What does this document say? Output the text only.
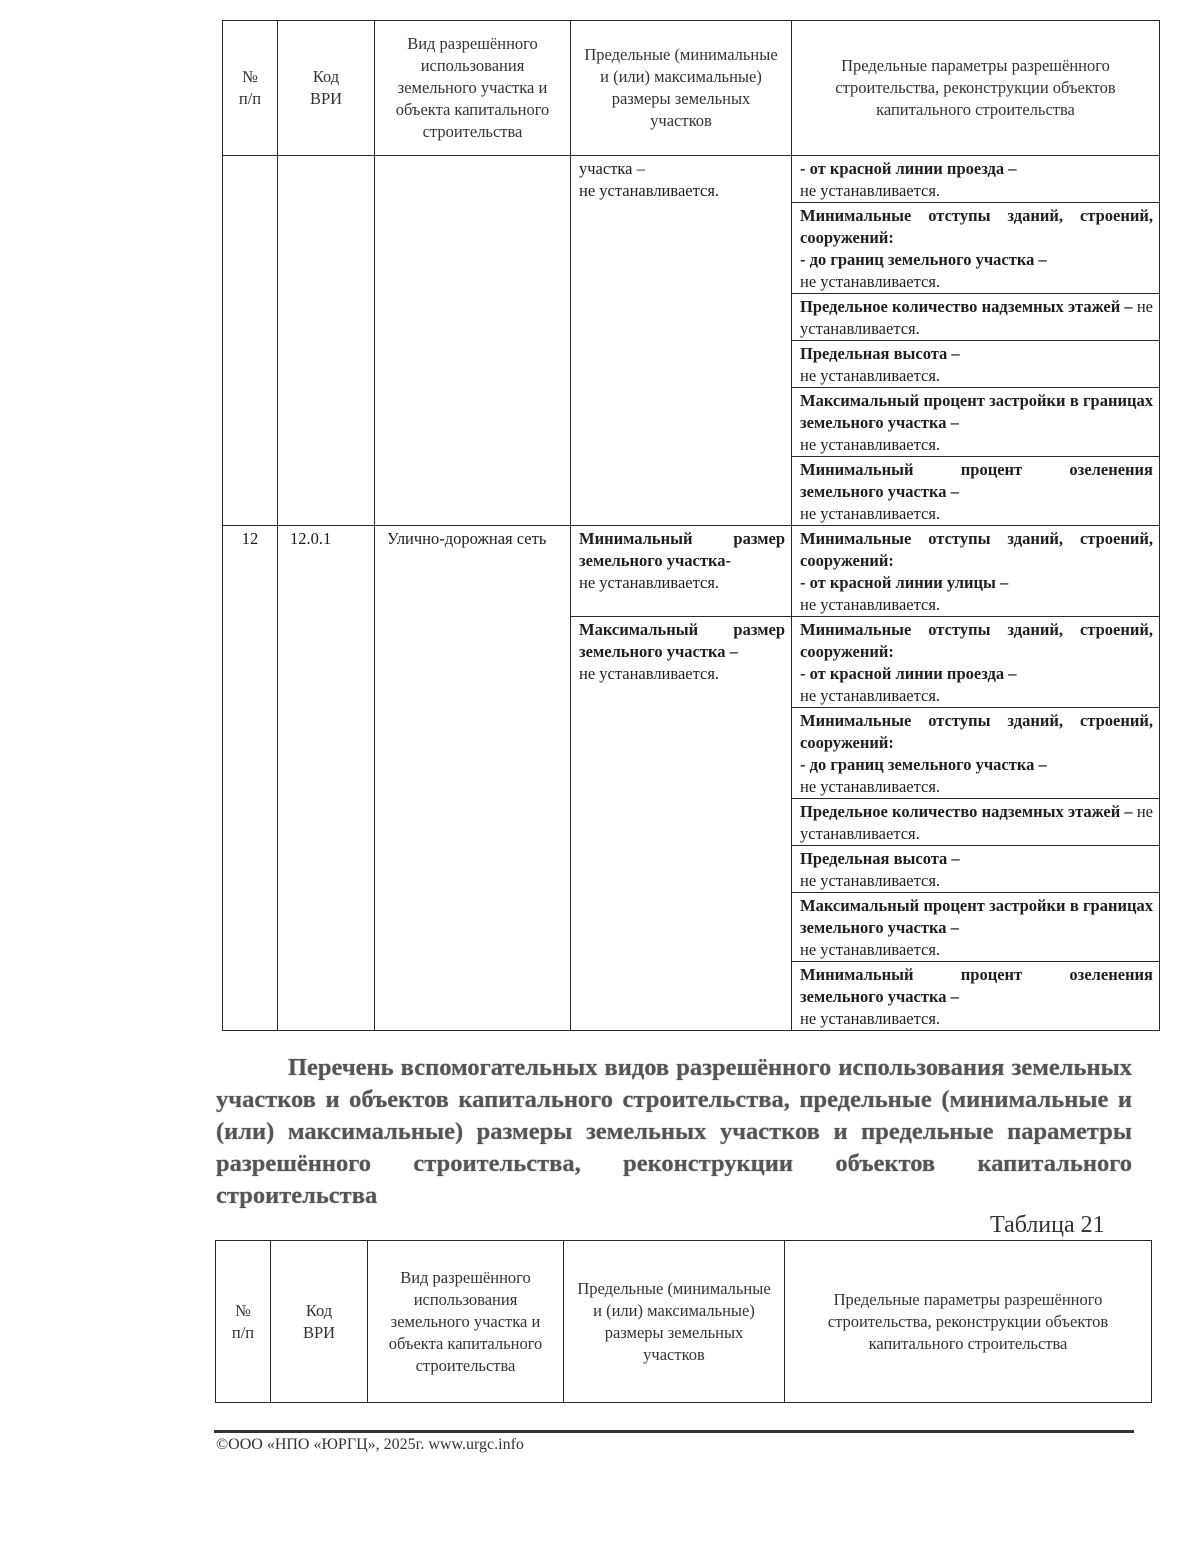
№
п/п	Код
ВРИ	Вид разрешённого использования земельного участка и объекта капитального строительства	Предельные (минимальные и (или) максимальные) размеры земельных участков	Предельные параметры разрешённого строительства, реконструкции объектов капитального строительства

			участка –
не устанавливается.	- от красной линии проезда –
не устанавливается.

				Минимальные отступы зданий, строений, сооружений:
- до границ земельного участка –
не устанавливается.

				Предельное количество надземных этажей – не устанавливается.

				Предельная высота –
не устанавливается.

				Максимальный процент застройки в границах земельного участка –
не устанавливается.

				Минимальный процент озеленения земельного участка –
не устанавливается.

12	12.0.1	Улично-дорожная сеть	Минимальный размер земельного участка-
не устанавливается.	Минимальные отступы зданий, строений, сооружений:
- от красной линии улицы –
не устанавливается.

			Максимальный размер земельного участка –
не устанавливается.	Минимальные отступы зданий, строений, сооружений:
- от красной линии проезда –
не устанавливается.

				Минимальные отступы зданий, строений, сооружений:
- до границ земельного участка –
не устанавливается.

				Предельное количество надземных этажей – не устанавливается.

				Предельная высота –
не устанавливается.

				Максимальный процент застройки в границах земельного участка –
не устанавливается.

				Минимальный процент озеленения земельного участка –
не устанавливается.
Перечень вспомогательных видов разрешённого использования земельных участков и объектов капитального строительства, предельные (минимальные и (или) максимальные) размеры земельных участков и предельные параметры разрешённого строительства, реконструкции объектов капитального строительства
Таблица 21
№
п/п	Код
ВРИ	Вид разрешённого использования земельного участка и объекта капитального строительства	Предельные (минимальные и (или) максимальные) размеры земельных участков	Предельные параметры разрешённого строительства, реконструкции объектов капитального строительства
©ООО «НПО «ЮРГЦ», 2025г. www.urgc.info
